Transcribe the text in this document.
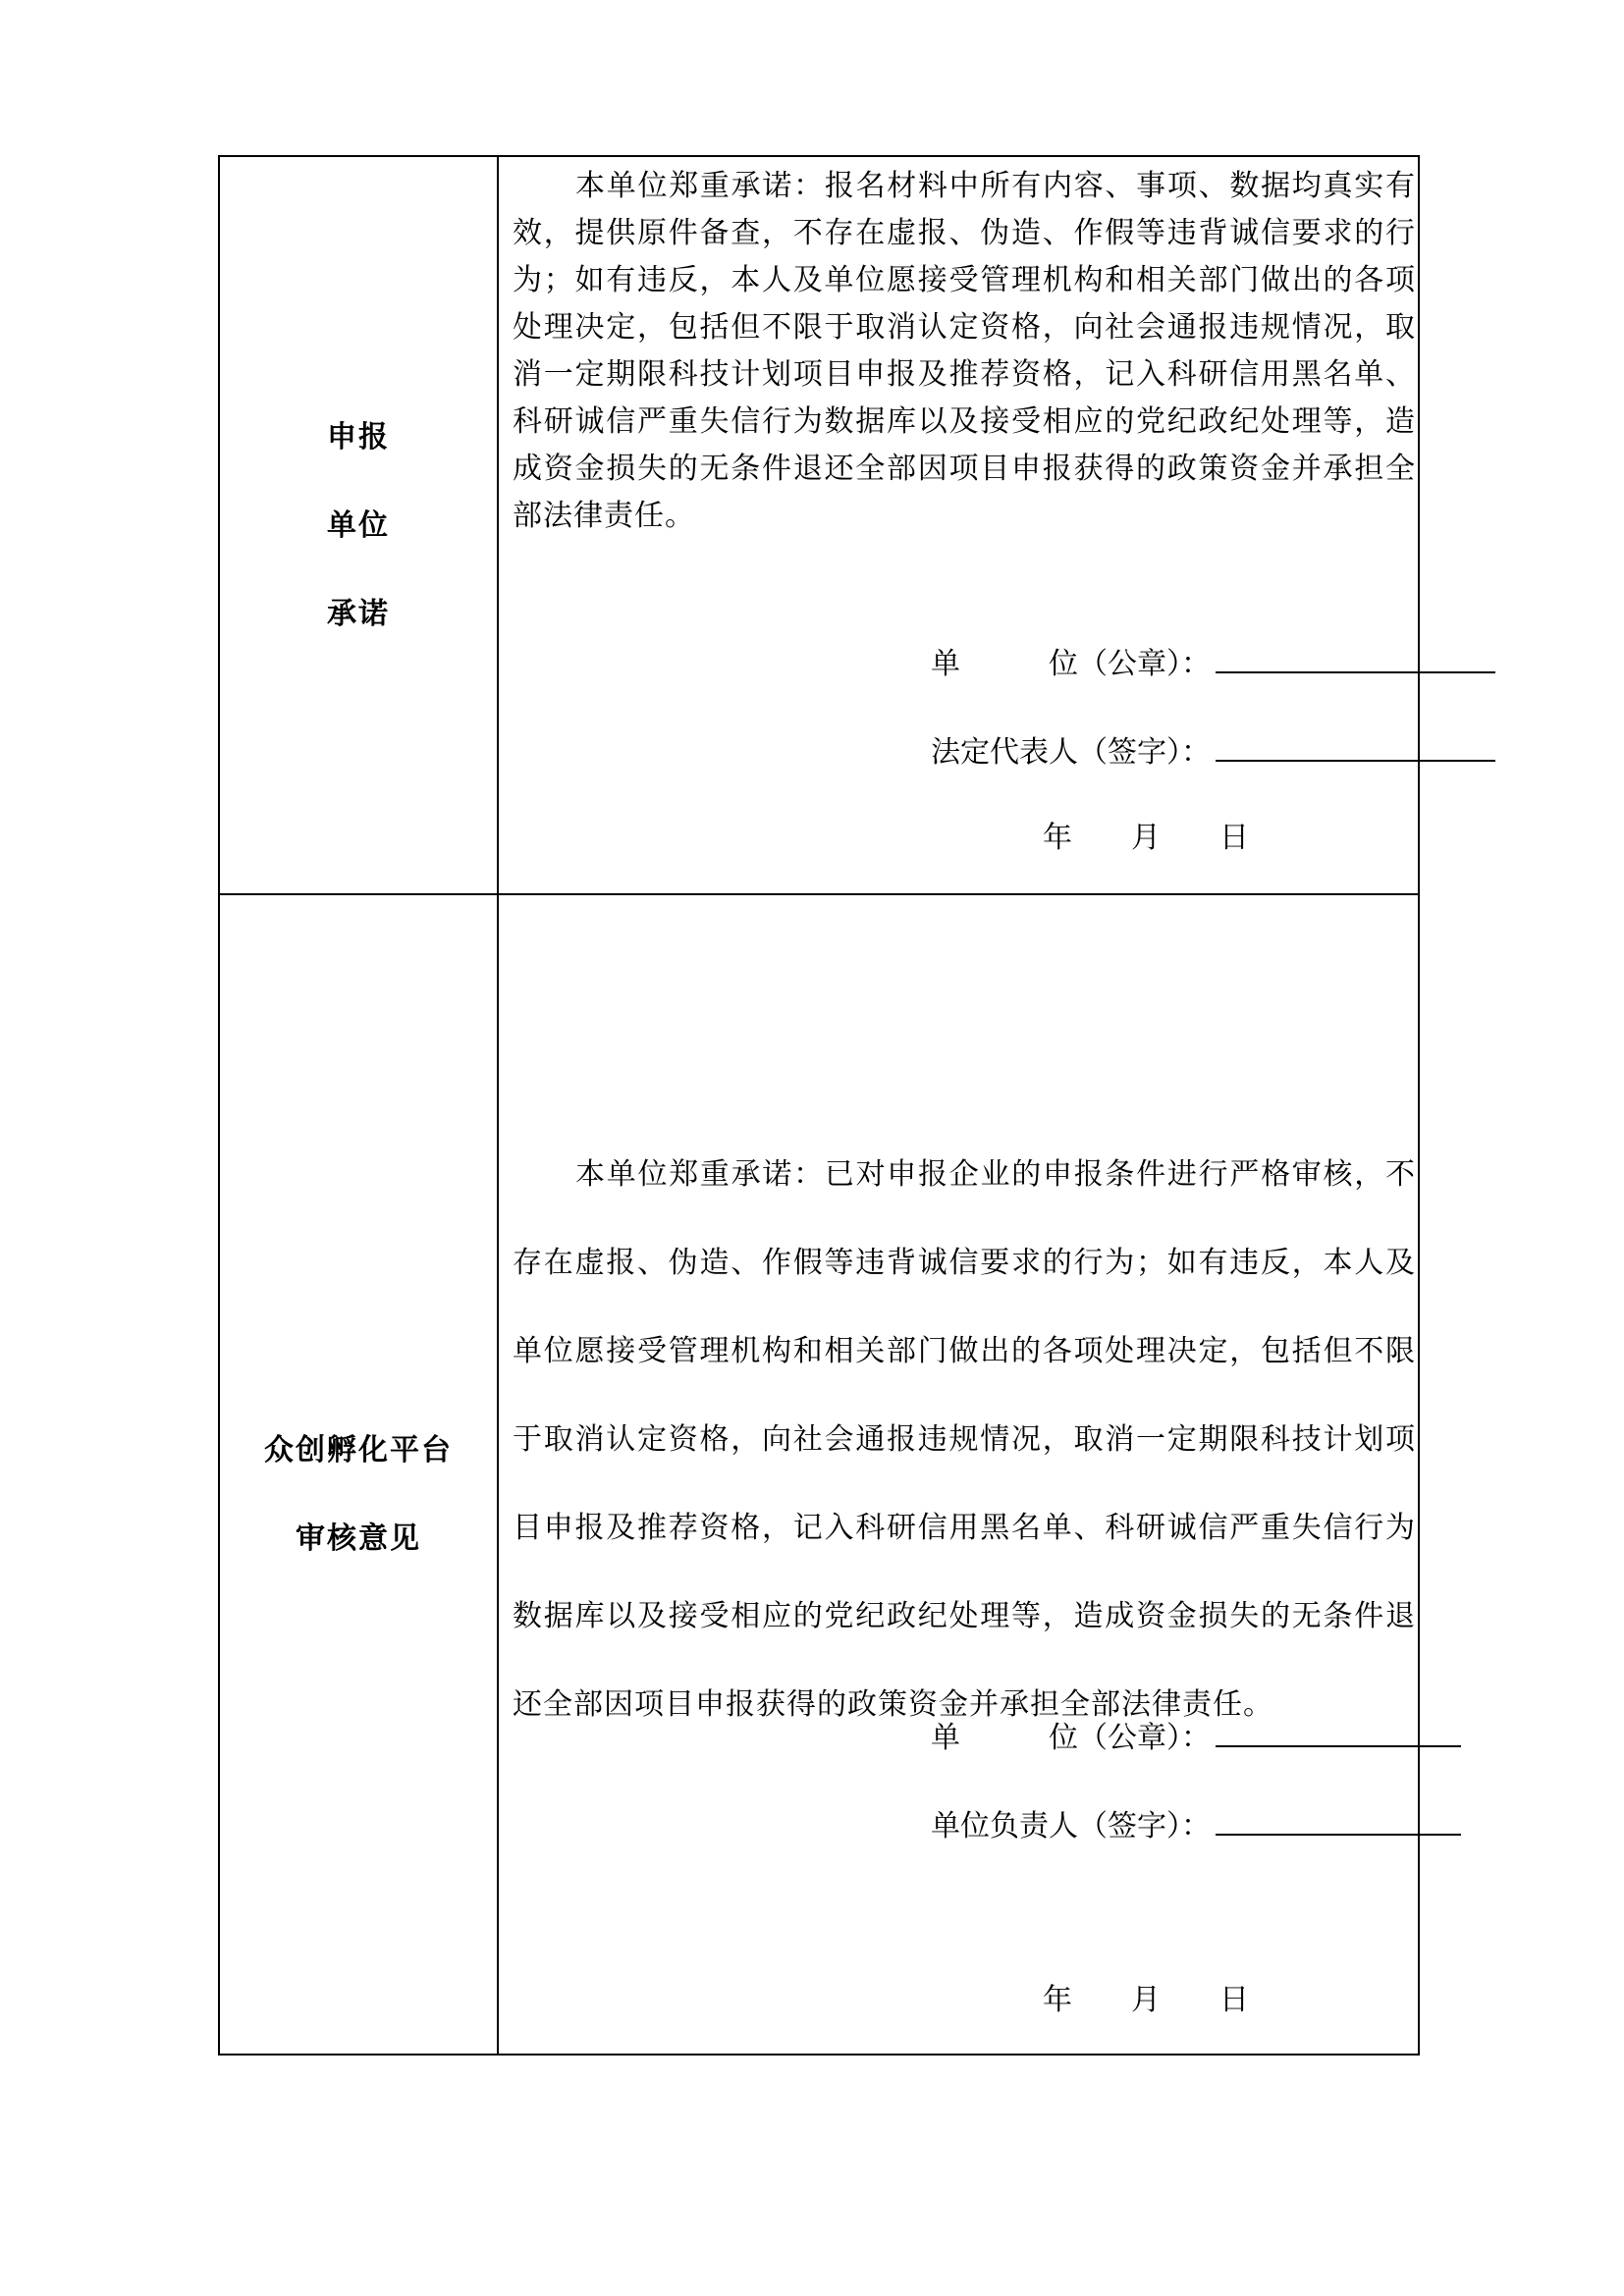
申报
单位
承诺

本单位郑重承诺：报名材料中所有内容、事项、数据均真实有效，提供原件备查，不存在虚报、伪造、作假等违背诚信要求的行为；如有违反，本人及单位愿接受管理机构和相关部门做出的各项处理决定，包括但不限于取消认定资格，向社会通报违规情况，取消一定期限科技计划项目申报及推荐资格，记入科研信用黑名单、科研诚信严重失信行为数据库以及接受相应的党纪政纪处理等，造成资金损失的无条件退还全部因项目申报获得的政策资金并承担全部法律责任。

单　　　位（公章）：
法定代表人（签字）：
年　　月　　日
众创孵化平台
审核意见

本单位郑重承诺：已对申报企业的申报条件进行严格审核，不存在虚报、伪造、作假等违背诚信要求的行为；如有违反，本人及单位愿接受管理机构和相关部门做出的各项处理决定，包括但不限于取消认定资格，向社会通报违规情况，取消一定期限科技计划项目申报及推荐资格，记入科研信用黑名单、科研诚信严重失信行为数据库以及接受相应的党纪政纪处理等，造成资金损失的无条件退还全部因项目申报获得的政策资金并承担全部法律责任。

单　　　位（公章）：
单位负责人（签字）：
年　　月　　日
